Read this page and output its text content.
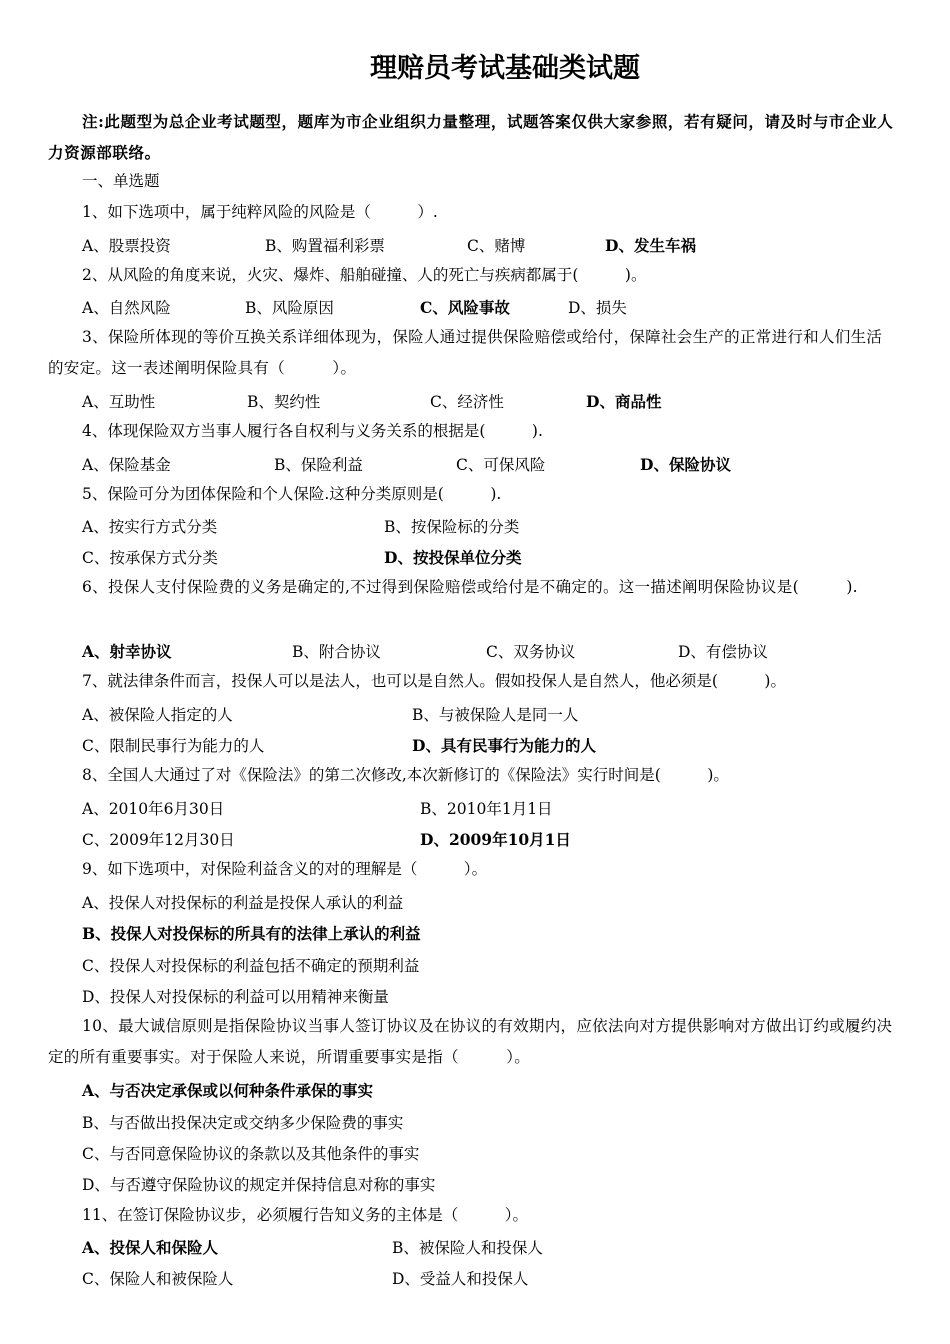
理赔员考试基础类试题
注:此题型为总企业考试题型，题库为市企业组织力量整理，试题答案仅供大家参照，若有疑问，请及时与市企业人力资源部联络。
一、单选题
1、如下选项中，属于纯粹风险的风险是（　　　）.
A、股票投资	B、购置福利彩票	C、赌博	D、发生车祸
2、从风险的角度来说，火灾、爆炸、船舶碰撞、人的死亡与疾病都属于(　　　)。
A、自然风险	B、风险原因	C、风险事故	D、损失
3、保险所体现的等价互换关系详细体现为，保险人通过提供保险赔偿或给付，保障社会生产的正常进行和人们生活的安定。这一表述阐明保险具有（　　　）。
A、互助性	B、契约性	C、经济性	D、商品性
4、体现保险双方当事人履行各自权利与义务关系的根据是(　　　).
A、保险基金	B、保险利益	C、可保风险	D、保险协议
5、保险可分为团体保险和个人保险.这种分类原则是(　　　).
A、按实行方式分类	B、按保险标的分类
C、按承保方式分类	D、按投保单位分类
6、投保人支付保险费的义务是确定的,不过得到保险赔偿或给付是不确定的。这一描述阐明保险协议是(　　　).
A、射幸协议	B、附合协议	C、双务协议	D、有偿协议
7、就法律条件而言，投保人可以是法人，也可以是自然人。假如投保人是自然人，他必须是(　　　)。
A、被保险人指定的人	B、与被保险人是同一人
C、限制民事行为能力的人	D、具有民事行为能力的人
8、全国人大通过了对《保险法》的第二次修改,本次新修订的《保险法》实行时间是(　　　)。
A、2010年6月30日	B、2010年1月1日
C、2009年12月30日	D、2009年10月1日
9、如下选项中，对保险利益含义的对的理解是（　　　）。
A、投保人对投保标的利益是投保人承认的利益
B、投保人对投保标的所具有的法律上承认的利益
C、投保人对投保标的利益包括不确定的预期利益
D、投保人对投保标的利益可以用精神来衡量
10、最大诚信原则是指保险协议当事人签订协议及在协议的有效期内，应依法向对方提供影响对方做出订约或履约决定的所有重要事实。对于保险人来说，所谓重要事实是指（　　　）。
A、与否决定承保或以何种条件承保的事实
B、与否做出投保决定或交纳多少保险费的事实
C、与否同意保险协议的条款以及其他条件的事实
D、与否遵守保险协议的规定并保持信息对称的事实
11、在签订保险协议步，必须履行告知义务的主体是（　　　）。
A、投保人和保险人	B、被保险人和投保人
C、保险人和被保险人	D、受益人和投保人
